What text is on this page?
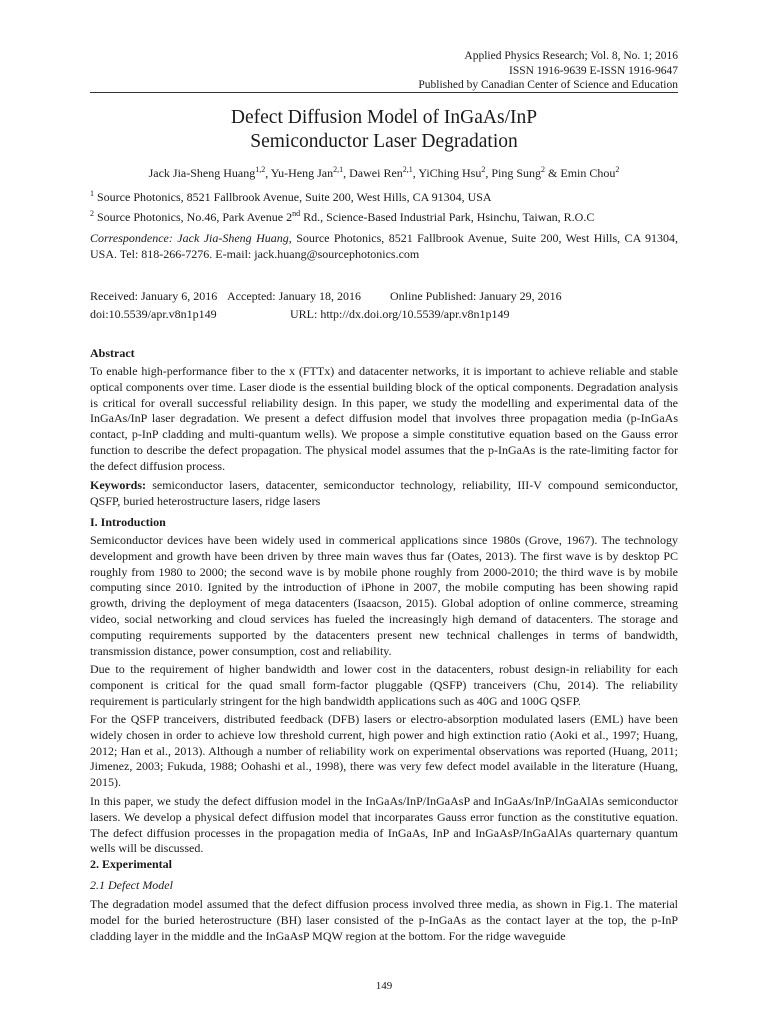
Applied Physics Research; Vol. 8, No. 1; 2016
ISSN 1916-9639 E-ISSN 1916-9647
Published by Canadian Center of Science and Education
Defect Diffusion Model of InGaAs/InP
Semiconductor Laser Degradation
Jack Jia-Sheng Huang$^{1,2}$, Yu-Heng Jan$^{2,1}$, Dawei Ren$^{2,1}$, YiChing Hsu$^2$, Ping Sung$^2$ & Emin Chou$^2$
$^1$ Source Photonics, 8521 Fallbrook Avenue, Suite 200, West Hills, CA 91304, USA
$^2$ Source Photonics, No.46, Park Avenue 2nd Rd., Science-Based Industrial Park, Hsinchu, Taiwan, R.O.C
Correspondence: Jack Jia-Sheng Huang, Source Photonics, 8521 Fallbrook Avenue, Suite 200, West Hills, CA 91304, USA. Tel: 818-266-7276. E-mail: jack.huang@sourcephotonics.com
Received: January 6, 2016 Accepted: January 18, 2016 Online Published: January 29, 2016
doi:10.5539/apr.v8n1p149	URL: http://dx.doi.org/10.5539/apr.v8n1p149
Abstract
To enable high-performance fiber to the x (FTTx) and datacenter networks, it is important to achieve reliable and stable optical components over time. Laser diode is the essential building block of the optical components. Degradation analysis is critical for overall successful reliability design. In this paper, we study the modelling and experimental data of the InGaAs/InP laser degradation. We present a defect diffusion model that involves three propagation media (p-InGaAs contact, p-InP cladding and multi-quantum wells). We propose a simple constitutive equation based on the Gauss error function to describe the defect propagation. The physical model assumes that the p-InGaAs is the rate-limiting factor for the defect diffusion process.
Keywords: semiconductor lasers, datacenter, semiconductor technology, reliability, III-V compound semiconductor, QSFP, buried heterostructure lasers, ridge lasers
I. Introduction
Semiconductor devices have been widely used in commerical applications since 1980s (Grove, 1967). The technology development and growth have been driven by three main waves thus far (Oates, 2013). The first wave is by desktop PC roughly from 1980 to 2000; the second wave is by mobile phone roughly from 2000-2010; the third wave is by mobile computing since 2010. Ignited by the introduction of iPhone in 2007, the mobile computing has been showing rapid growth, driving the deployment of mega datacenters (Isaacson, 2015). Global adoption of online commerce, streaming video, social networking and cloud services has fueled the increasingly high demand of datacenters. The storage and computing requirements supported by the datacenters present new technical challenges in terms of bandwidth, transmission distance, power consumption, cost and reliability.
Due to the requirement of higher bandwidth and lower cost in the datacenters, robust design-in reliability for each component is critical for the quad small form-factor pluggable (QSFP) tranceivers (Chu, 2014). The reliability requirement is particularly stringent for the high bandwidth applications such as 40G and 100G QSFP.
For the QSFP tranceivers, distributed feedback (DFB) lasers or electro-absorption modulated lasers (EML) have been widely chosen in order to achieve low threshold current, high power and high extinction ratio (Aoki et al., 1997; Huang, 2012; Han et al., 2013). Although a number of reliability work on experimental observations was reported (Huang, 2011; Jimenez, 2003; Fukuda, 1988; Oohashi et al., 1998), there was very few defect model available in the literature (Huang, 2015).
In this paper, we study the defect diffusion model in the InGaAs/InP/InGaAsP and InGaAs/InP/InGaAlAs semiconductor lasers. We develop a physical defect diffusion model that incorparates Gauss error function as the constitutive equation. The defect diffusion processes in the propagation media of InGaAs, InP and InGaAsP/InGaAlAs quarternary quantum wells will be discussed.
2. Experimental
2.1 Defect Model
The degradation model assumed that the defect diffusion process involved three media, as shown in Fig.1. The material model for the buried heterostructure (BH) laser consisted of the p-InGaAs as the contact layer at the top, the p-InP cladding layer in the middle and the InGaAsP MQW region at the bottom. For the ridge waveguide
149
